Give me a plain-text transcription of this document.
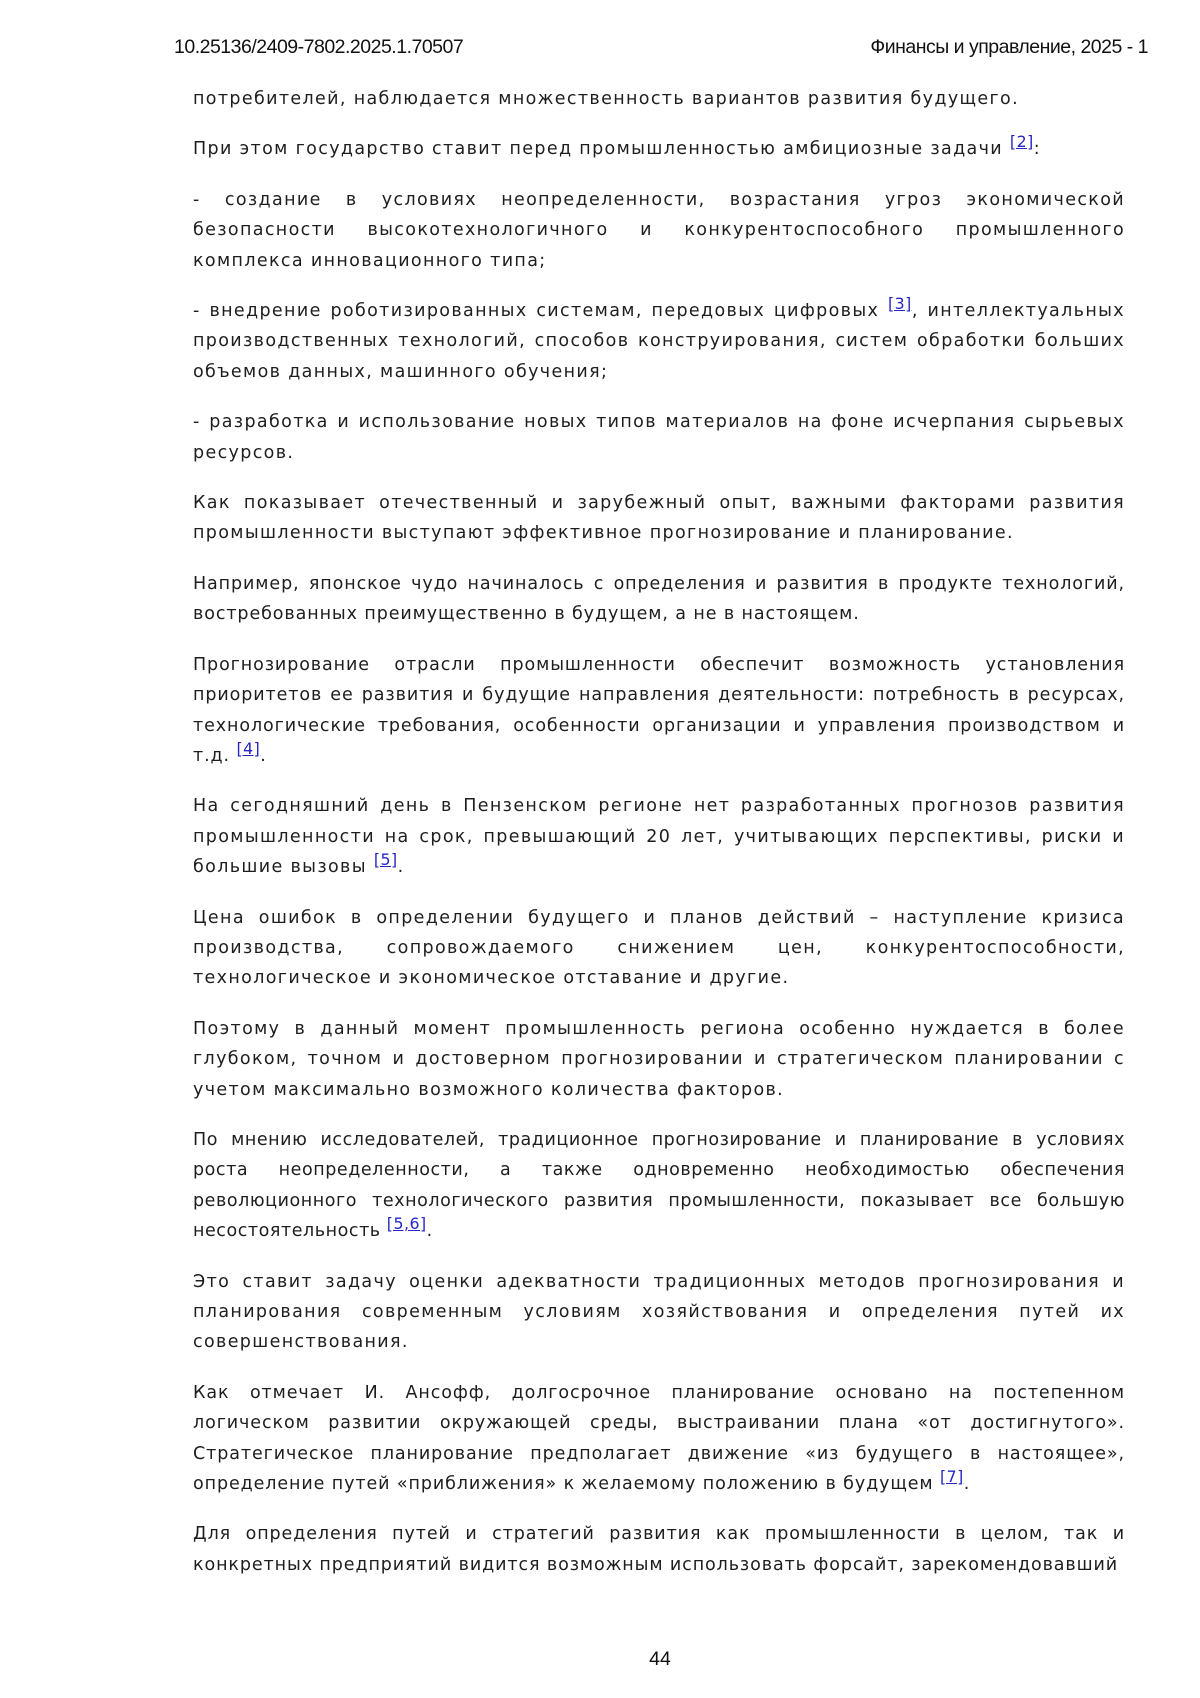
10.25136/2409-7802.2025.1.70507	Финансы и управление, 2025 - 1

потребителей, наблюдается множественность вариантов развития будущего.

При этом государство ставит перед промышленностью амбициозные задачи [2]:

- создание в условиях неопределенности, возрастания угроз экономической безопасности высокотехнологичного и конкурентоспособного промышленного комплекса инновационного типа;

- внедрение роботизированных системам, передовых цифровых [3], интеллектуальных производственных технологий, способов конструирования, систем обработки больших объемов данных, машинного обучения;

- разработка и использование новых типов материалов на фоне исчерпания сырьевых ресурсов.

Как показывает отечественный и зарубежный опыт, важными факторами развития промышленности выступают эффективное прогнозирование и планирование.

Например, японское чудо начиналось с определения и развития в продукте технологий, востребованных преимущественно в будущем, а не в настоящем.

Прогнозирование отрасли промышленности обеспечит возможность установления приоритетов ее развития и будущие направления деятельности: потребность в ресурсах, технологические требования, особенности организации и управления производством и т.д. [4].

На сегодняшний день в Пензенском регионе нет разработанных прогнозов развития промышленности на срок, превышающий 20 лет, учитывающих перспективы, риски и большие вызовы [5].

Цена ошибок в определении будущего и планов действий – наступление кризиса производства, сопровождаемого снижением цен, конкурентоспособности, технологическое и экономическое отставание и другие.

Поэтому в данный момент промышленность региона особенно нуждается в более глубоком, точном и достоверном прогнозировании и стратегическом планировании с учетом максимально возможного количества факторов.

По мнению исследователей, традиционное прогнозирование и планирование в условиях роста неопределенности, а также одновременно необходимостью обеспечения революционного технологического развития промышленности, показывает все большую несостоятельность [5,6].

Это ставит задачу оценки адекватности традиционных методов прогнозирования и планирования современным условиям хозяйствования и определения путей их совершенствования.

Как отмечает И. Ансофф, долгосрочное планирование основано на постепенном логическом развитии окружающей среды, выстраивании плана «от достигнутого». Стратегическое планирование предполагает движение «из будущего в настоящее», определение путей «приближения» к желаемому положению в будущем [7].

Для определения путей и стратегий развития как промышленности в целом, так и конкретных предприятий видится возможным использовать форсайт, зарекомендовавший

44
